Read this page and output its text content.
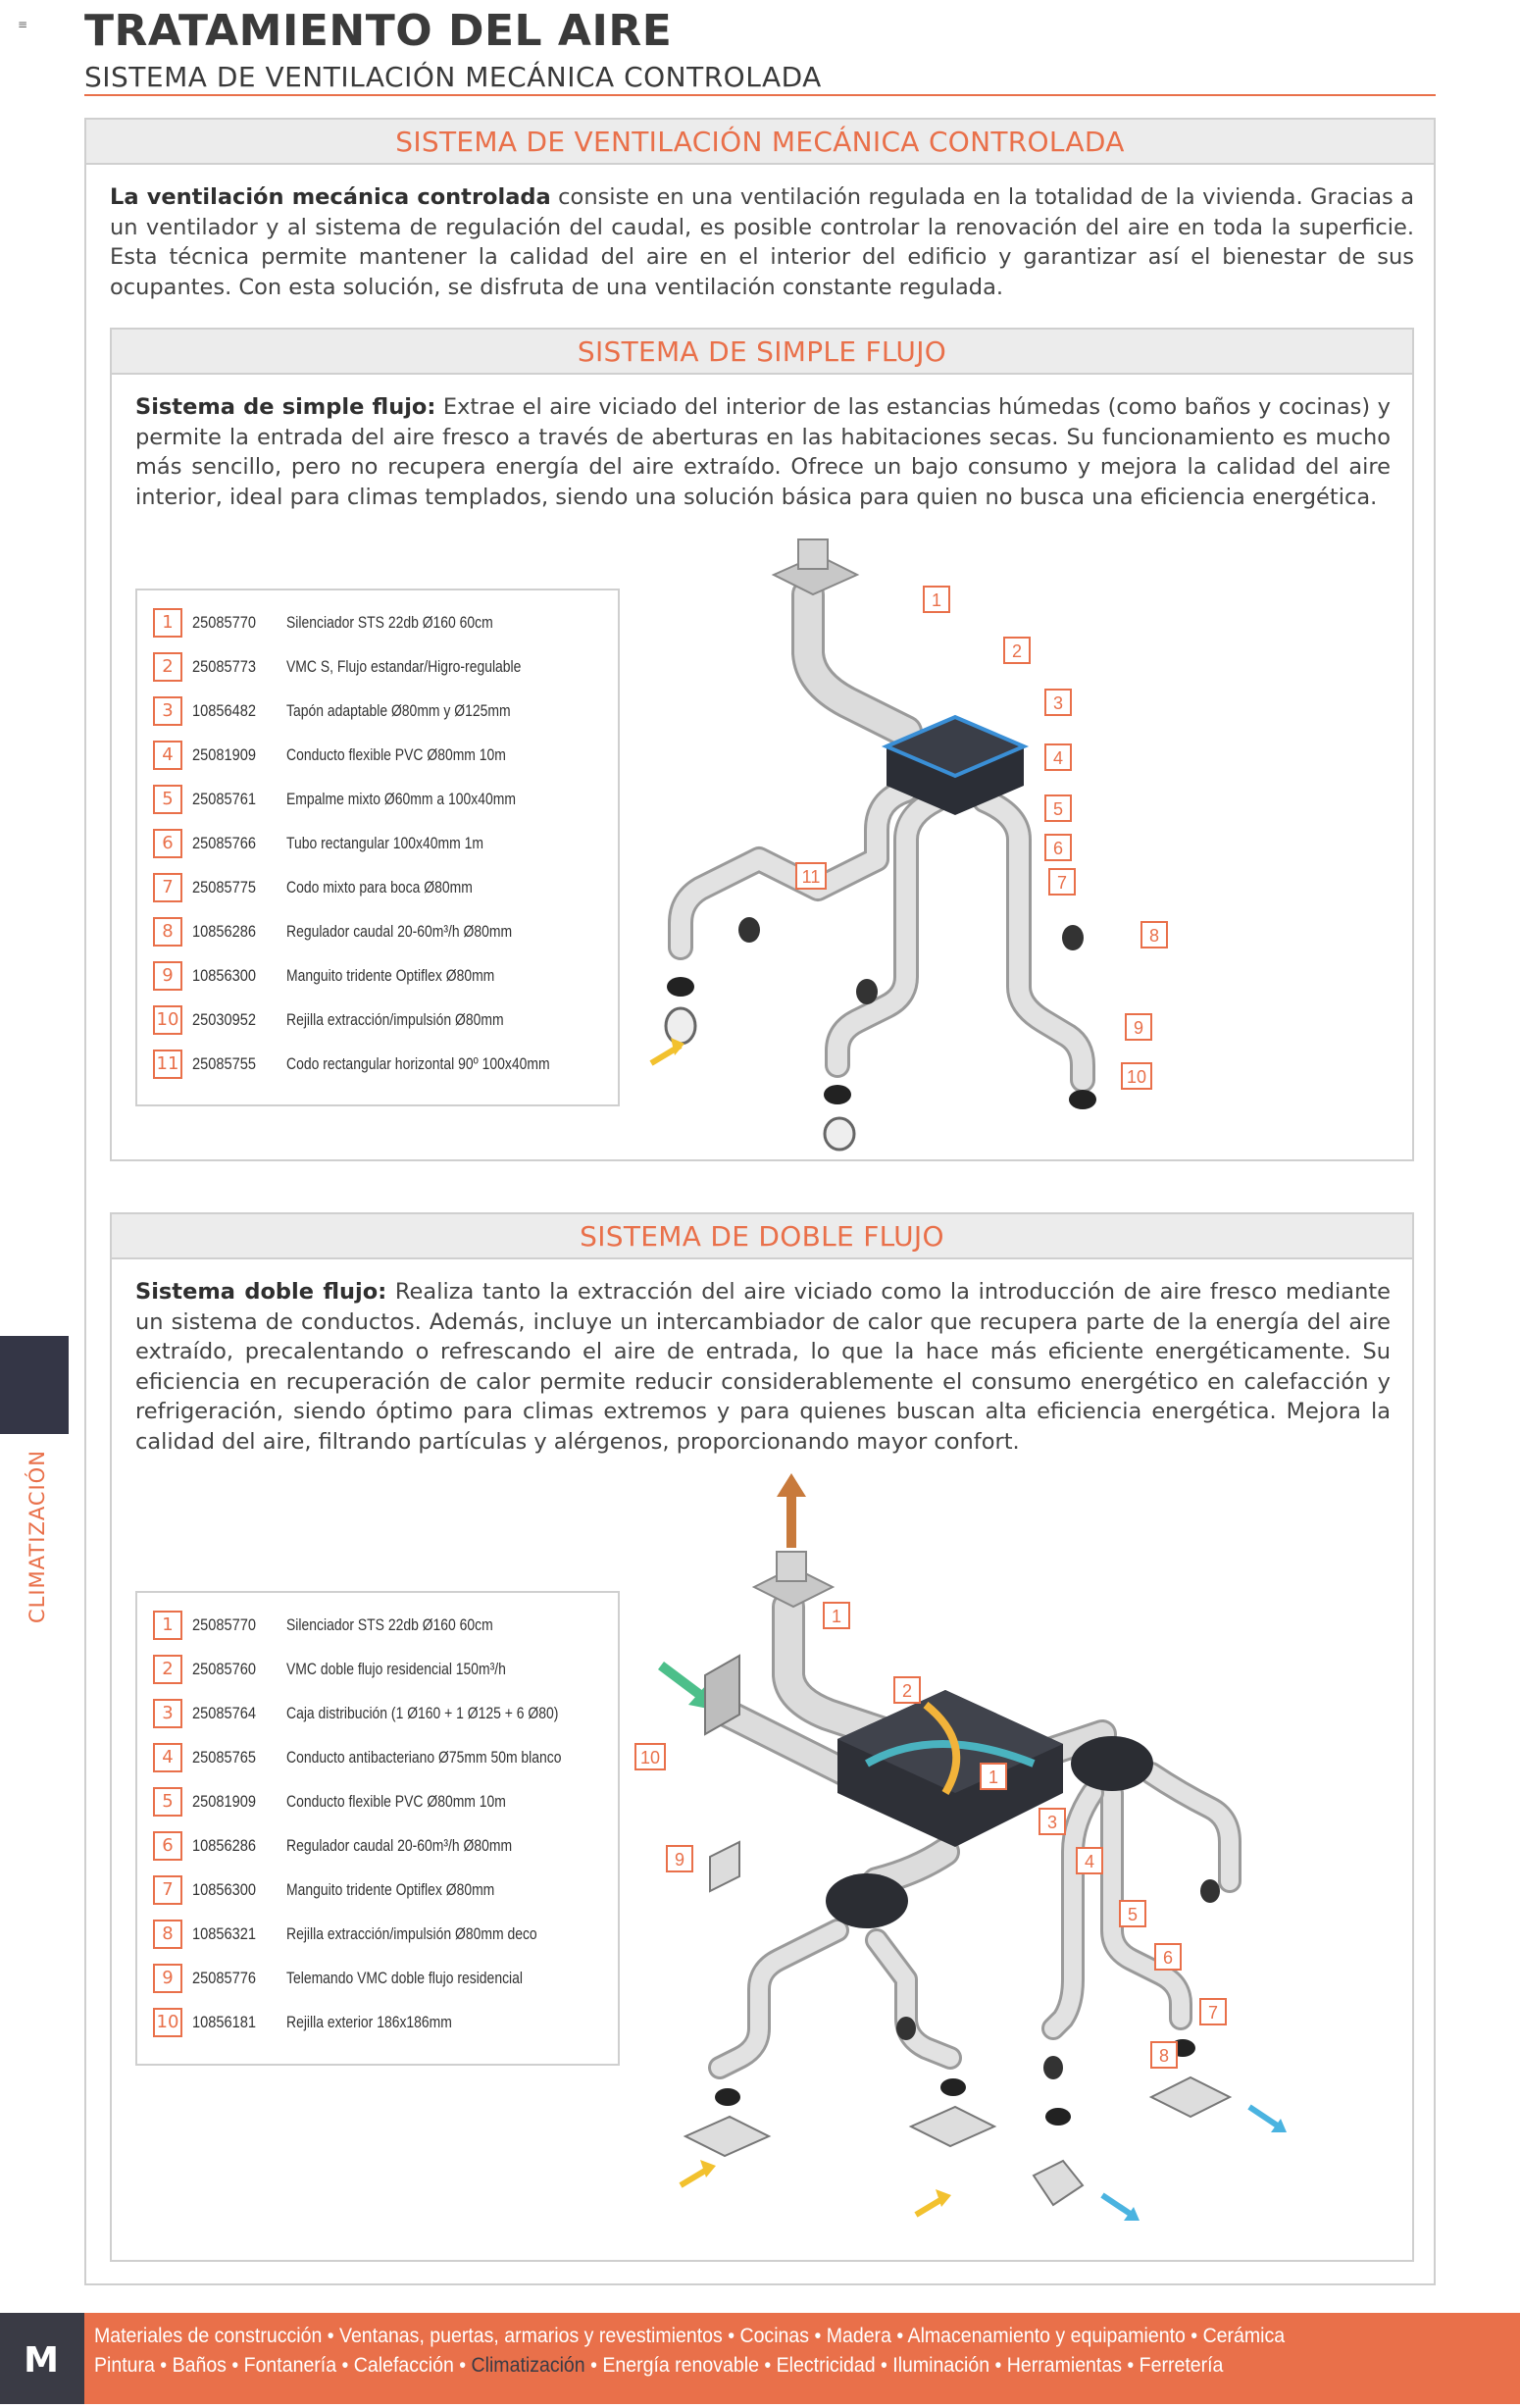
≡ TRATAMIENTO DEL AIRE
SISTEMA DE VENTILACIÓN MECÁNICA CONTROLADA
SISTEMA DE VENTILACIÓN MECÁNICA CONTROLADA

La ventilación mecánica controlada consiste en una ventilación regulada en la totalidad de la vivienda. Gracias a un ventilador y al sistema de regulación del caudal, es posible controlar la renovación del aire en toda la superficie. Esta técnica permite mantener la calidad del aire en el interior del edificio y garantizar así el bienestar de sus ocupantes. Con esta solución, se disfruta de una ventilación constante regulada.

SISTEMA DE SIMPLE FLUJO

Sistema de simple flujo: Extrae el aire viciado del interior de las estancias húmedas (como baños y cocinas) y permite la entrada del aire fresco a través de aberturas en las habitaciones secas. Su funcionamiento es mucho más sencillo, pero no recupera energía del aire extraído. Ofrece un bajo consumo y mejora la calidad del aire interior, ideal para climas templados, siendo una solución básica para quien no busca una eficiencia energética.

1	25085770	Silenciador STS 22db Ø160 60cm
2	25085773	VMC S, Flujo estandar/Higro-regulable
3	10856482	Tapón adaptable Ø80mm y Ø125mm
4	25081909	Conducto flexible PVC Ø80mm 10m
5	25085761	Empalme mixto Ø60mm a 100x40mm
6	25085766	Tubo rectangular 100x40mm 1m
7	25085775	Codo mixto para boca Ø80mm
8	10856286	Regulador caudal 20-60m³/h Ø80mm
9	10856300	Manguito tridente Optiflex Ø80mm
10 25030952	Rejilla extracción/impulsión Ø80mm
11 25085755	Codo rectangular horizontal 90º 100x40mm
1
2
3
4
5
6
7
8
9
10
11
SISTEMA DE DOBLE FLUJO

Sistema doble flujo: Realiza tanto la extracción del aire viciado como la introducción de aire fresco mediante un sistema de conductos. Además, incluye un intercambiador de calor que recupera parte de la energía del aire extraído, precalentando o refrescando el aire de entrada, lo que la hace más eficiente energéticamente. Su eficiencia en recuperación de calor permite reducir considerablemente el consumo energético en calefacción y refrigeración, siendo óptimo para climas extremos y para quienes buscan alta eficiencia energética. Mejora la calidad del aire, filtrando partículas y alérgenos, proporcionando mayor confort.

1	25085770	Silenciador STS 22db Ø160 60cm
2	25085760	VMC doble flujo residencial 150m³/h
3	25085764	Caja distribución (1 Ø160 + 1 Ø125 + 6 Ø80)
4	25085765	Conducto antibacteriano Ø75mm 50m blanco
5	25081909	Conducto flexible PVC Ø80mm 10m
6	10856286	Regulador caudal 20-60m³/h Ø80mm
7	10856300	Manguito tridente Optiflex Ø80mm
8	10856321	Rejilla extracción/impulsión Ø80mm deco
9	25085776	Telemando VMC doble flujo residencial
10 10856181	Rejilla exterior 186x186mm
1
2
1
3
4
5
6
7
8
9
10
CLIMATIZACIÓN
M
Materiales de construcción • Ventanas, puertas, armarios y revestimientos • Cocinas • Madera • Almacenamiento y equipamiento • Cerámica
Pintura • Baños • Fontanería • Calefacción • Climatización • Energía renovable • Electricidad • Iluminación • Herramientas • Ferretería
